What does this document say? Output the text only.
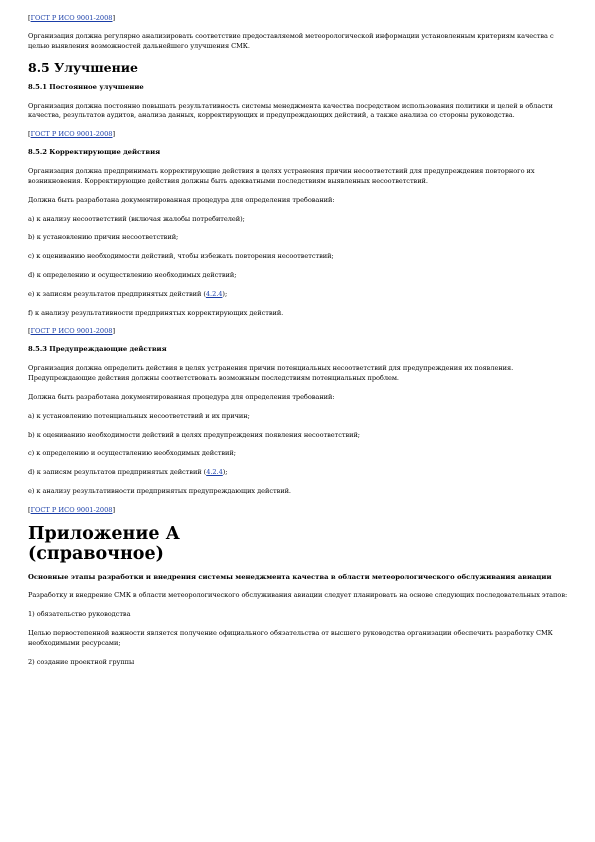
[ГОСТ Р ИСО 9001-2008]

Организация должна регулярно анализировать соответствие предоставляемой метеорологической информации установленным критериям качества с целью выявления возможностей дальнейшего улучшения СМК.

8.5 Улучшение
8.5.1 Постоянное улучшение

Организация должна постоянно повышать результативность системы менеджмента качества посредством использования политики и целей в области качества, результатов аудитов, анализа данных, корректирующих и предупреждающих действий, а также анализа со стороны руководства.

[ГОСТ Р ИСО 9001-2008]
8.5.2 Корректирующие действия

Организация должна предпринимать корректирующие действия в целях устранения причин несоответствий для предупреждения повторного их возникновения. Корректирующие действия должны быть адекватными последствиям выявленных несоответствий.

Должна быть разработана документированная процедура для определения требований:

а) к анализу несоответствий (включая жалобы потребителей);

b) к установлению причин несоответствий;

c) к оцениванию необходимости действий, чтобы избежать повторения несоответствий;

d) к определению и осуществлению необходимых действий;

e) к записям результатов предпринятых действий (4.2.4);

f) к анализу результативности предпринятых корректирующих действий.

[ГОСТ Р ИСО 9001-2008]
8.5.3 Предупреждающие действия

Организация должна определить действия в целях устранения причин потенциальных несоответствий для предупреждения их появления. Предупреждающие действия должны соответствовать возможным последствиям потенциальных проблем.

Должна быть разработана документированная процедура для определения требований:

а) к установлению потенциальных несоответствий и их причин;

b) к оцениванию необходимости действий в целях предупреждения появления несоответствий;

c) к определению и осуществлению необходимых действий;

d) к записям результатов предпринятых действий (4.2.4);

e) к анализу результативности предпринятых предупреждающих действий.

[ГОСТ Р ИСО 9001-2008]
Приложение А
(справочное)

Основные этапы разработки и внедрения системы менеджмента качества в области метеорологического обслуживания авиации

Разработку и внедрение СМК в области метеорологического обслуживания авиации следует планировать на основе следующих последовательных этапов:

1) обязательство руководства

Целью первостепенной важности является получение официального обязательства от высшего руководства организации обеспечить разработку СМК необходимыми ресурсами;

2) создание проектной группы
